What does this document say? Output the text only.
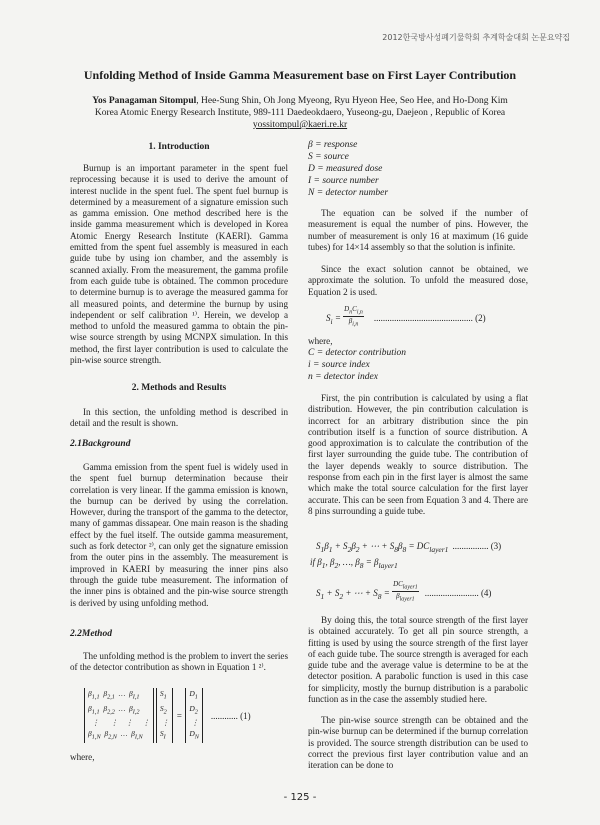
2012한국방사성폐기물학회 추계학술대회 논문요약집
Unfolding Method of Inside Gamma Measurement base on First Layer Contribution
Yos Panagaman Sitompul, Hee-Sung Shin, Oh Jong Myeong, Ryu Hyeon Hee, Seo Hee, and Ho-Dong Kim
Korea Atomic Energy Research Institute, 989-111 Daedeokdaero, Yuseong-gu, Daejeon , Republic of Korea
yossitompul@kaeri.re.kr
1. Introduction

Burnup is an important parameter in the spent fuel reprocessing because it is used to derive the amount of interest nuclide in the spent fuel. The spent fuel burnup is determined by a measurement of a signature emission such as gamma emission. One method described here is the inside gamma measurement which is developed in Korea Atomic Energy Research Institute (KAERI). Gamma emitted from the spent fuel assembly is measured in each guide tube by using ion chamber, and the assembly is scanned axially. From the measurement, the gamma profile from each guide tube is obtained. The common procedure to determine burnup is to average the measured gamma for all measured points, and determine the burnup by using independent or self calibration ¹⁾. Herein, we develop a method to unfold the measured gamma to obtain the pin-wise source strength by using MCNPX simulation. In this method, the first layer contribution is used to calculate the pin-wise source strength.

2. Methods and Results

In this section, the unfolding method is described in detail and the result is shown.

2.1Background

Gamma emission from the spent fuel is widely used in the spent fuel burnup determination because their correlation is very linear. If the gamma emission is known, the burnup can be derived by using the correlation. However, during the transport of the gamma to the detector, many of gammas dissapear. One main reason is the shading effect by the fuel itself. The outside gamma measurement, such as fork detector ²⁾, can only get the signature emission from the outer pins in the assembly. The measurement is improved in KAERI by measuring the inner pins also through the guide tube measurement. The information of the inner pins is obtained and the pin-wise source strength is derived by using unfolding method.

2.2Method

The unfolding method is the problem to invert the series of the detector contribution as shown in Equation 1 ²⁾.

$\beta_{1,1}$  $\beta_{2,1}$  …  $\beta_{I,1}$
$\beta_{1,1}$  $\beta_{2,2}$  …  $\beta_{I,2}$
⋮      ⋮    ⋮     ⋮
$\beta_{1,N}$  $\beta_{2,N}$  …  $\beta_{I,N}$
$S_1$
$S_2$
⋮
$S_I$
=
$D_1$
$D_2$
⋮
$D_N$
............ (1)
where,
β = response
S = source
D = measured dose
I = source number
N = detector number

The equation can be solved if the number of measurement is equal the number of pins. However, the number of measurement is only 16 at maximum (16 guide tubes) for 14×14 assembly so that the solution is infinite.

Since the exact solution cannot be obtained, we approximate the solution. To unfold the measured dose, Equation 2 is used.

$S_i = \frac{D_nC_{i,n}}{\beta_{i,n}}$ ............................................ (2)
where,
C = detector contribution
i = source index
n = detector index

First, the pin contribution is calculated by using a flat distribution. However, the pin contribution calculation is incorrect for an arbitrary distribution since the pin contribution itself is a function of source distribution. A good approximation is to calculate the contribution of the first layer surrounding the guide tube. The contribution of the layer depends weakly to source distribution. The response from each pin in the first layer is almost the same which make the total source calculation for the first layer accurate. This can be seen from Equation 3 and 4. There are 8 pins surrounding a guide tube.

$S_1\beta_1 + S_2\beta_2$ + ⋯ + $S_8\beta_8 = DC_{layer1}$ ................ (3)
if $\beta_1$, $\beta_2$, …, $\beta_8 = \beta_{layer1}$
$S_1 + S_2$ + ⋯ + $S_8 = \frac{DC_{layer1}}{\beta_{layer1}}$ ........................ (4)

By doing this, the total source strength of the first layer is obtained accurately. To get all pin source strength, a fitting is used by using the source strength of the first layer of each guide tube. The source strength is averaged for each guide tube and the average value is determine to be at the detector position. A parabolic function is used in this case for simplicity, mostly the burnup distribution is a parabolic function as in the case the assembly studied here.

The pin-wise source strength can be obtained and the pin-wise burnup can be determined if the burnup correlation is provided. The source strength distribution can be used to correct the previous first layer contribution value and an iteration can be done to

- 125 -
